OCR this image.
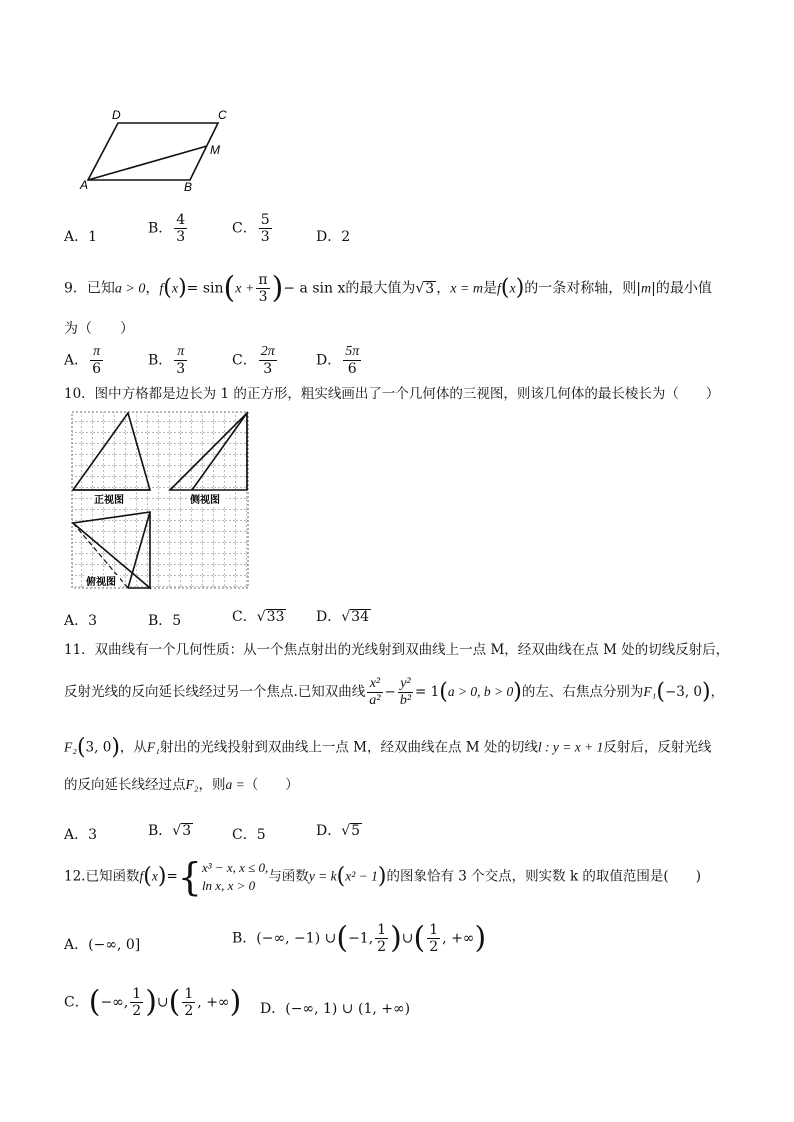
D	C
M
A	B
A．1
B． $\frac{4}{3}$	C． $\frac{5}{3}$	D．2
9．已知a > 0，$f(x)= \sin(x + \frac{\pi}{3}$ )− a sin x的最大值为√3 ，x = m是f(x)的一条对称轴，则|m|的最小值
为（　　）
A． $\frac{\pi}{6}$	B． $\frac{\pi}{3}$	C． $\frac{2\pi}{3}$	D． $\frac{5\pi}{6}$
10．图中方格都是边长为 1 的正方形，粗实线画出了一个几何体的三视图，则该几何体的最长棱长为（　　）
正视图	侧视图
俯视图
A．3	B．5	C．√33 D．√34
11．双曲线有一个几何性质：从一个焦点射出的光线射到双曲线上一点 M，经双曲线在点 M 处的切线反射后，
反射光线的反向延长线经过另一个焦点.已知双曲线 $\frac{\text{x²}}{\text{a²}} - \frac{\text{y²}}{\text{b²}} = 1(a > 0$, b > 0)的左、右焦点分别为F₁(−3, 0)，
F₂(3, 0)，从F₁射出的光线投射到双曲线上一点 M，经双曲线在点 M 处的切线l : y = x + 1反射后，反射光线
的反向延长线经过点F₂，则a =（　　）
A．3	B．√3	C．5	D．√5
12.已知函数f(x)={ x³ − x, x ≤ 0,
ln x, x > 0
与函数y = k(x² − 1)的图象恰有 3 个交点，则实数 k 的取值范围是(　　)
A．(−∞, 0]	B．(−∞, −1) ∪(−1, $\frac{1}{2}$ )∪( $\frac{1}{2}$ , +∞)
C．(−∞, $\frac{1}{2}$ )∪( $\frac{1}{2}$ , +∞) D．(−∞, 1) ∪ (1, +∞)
